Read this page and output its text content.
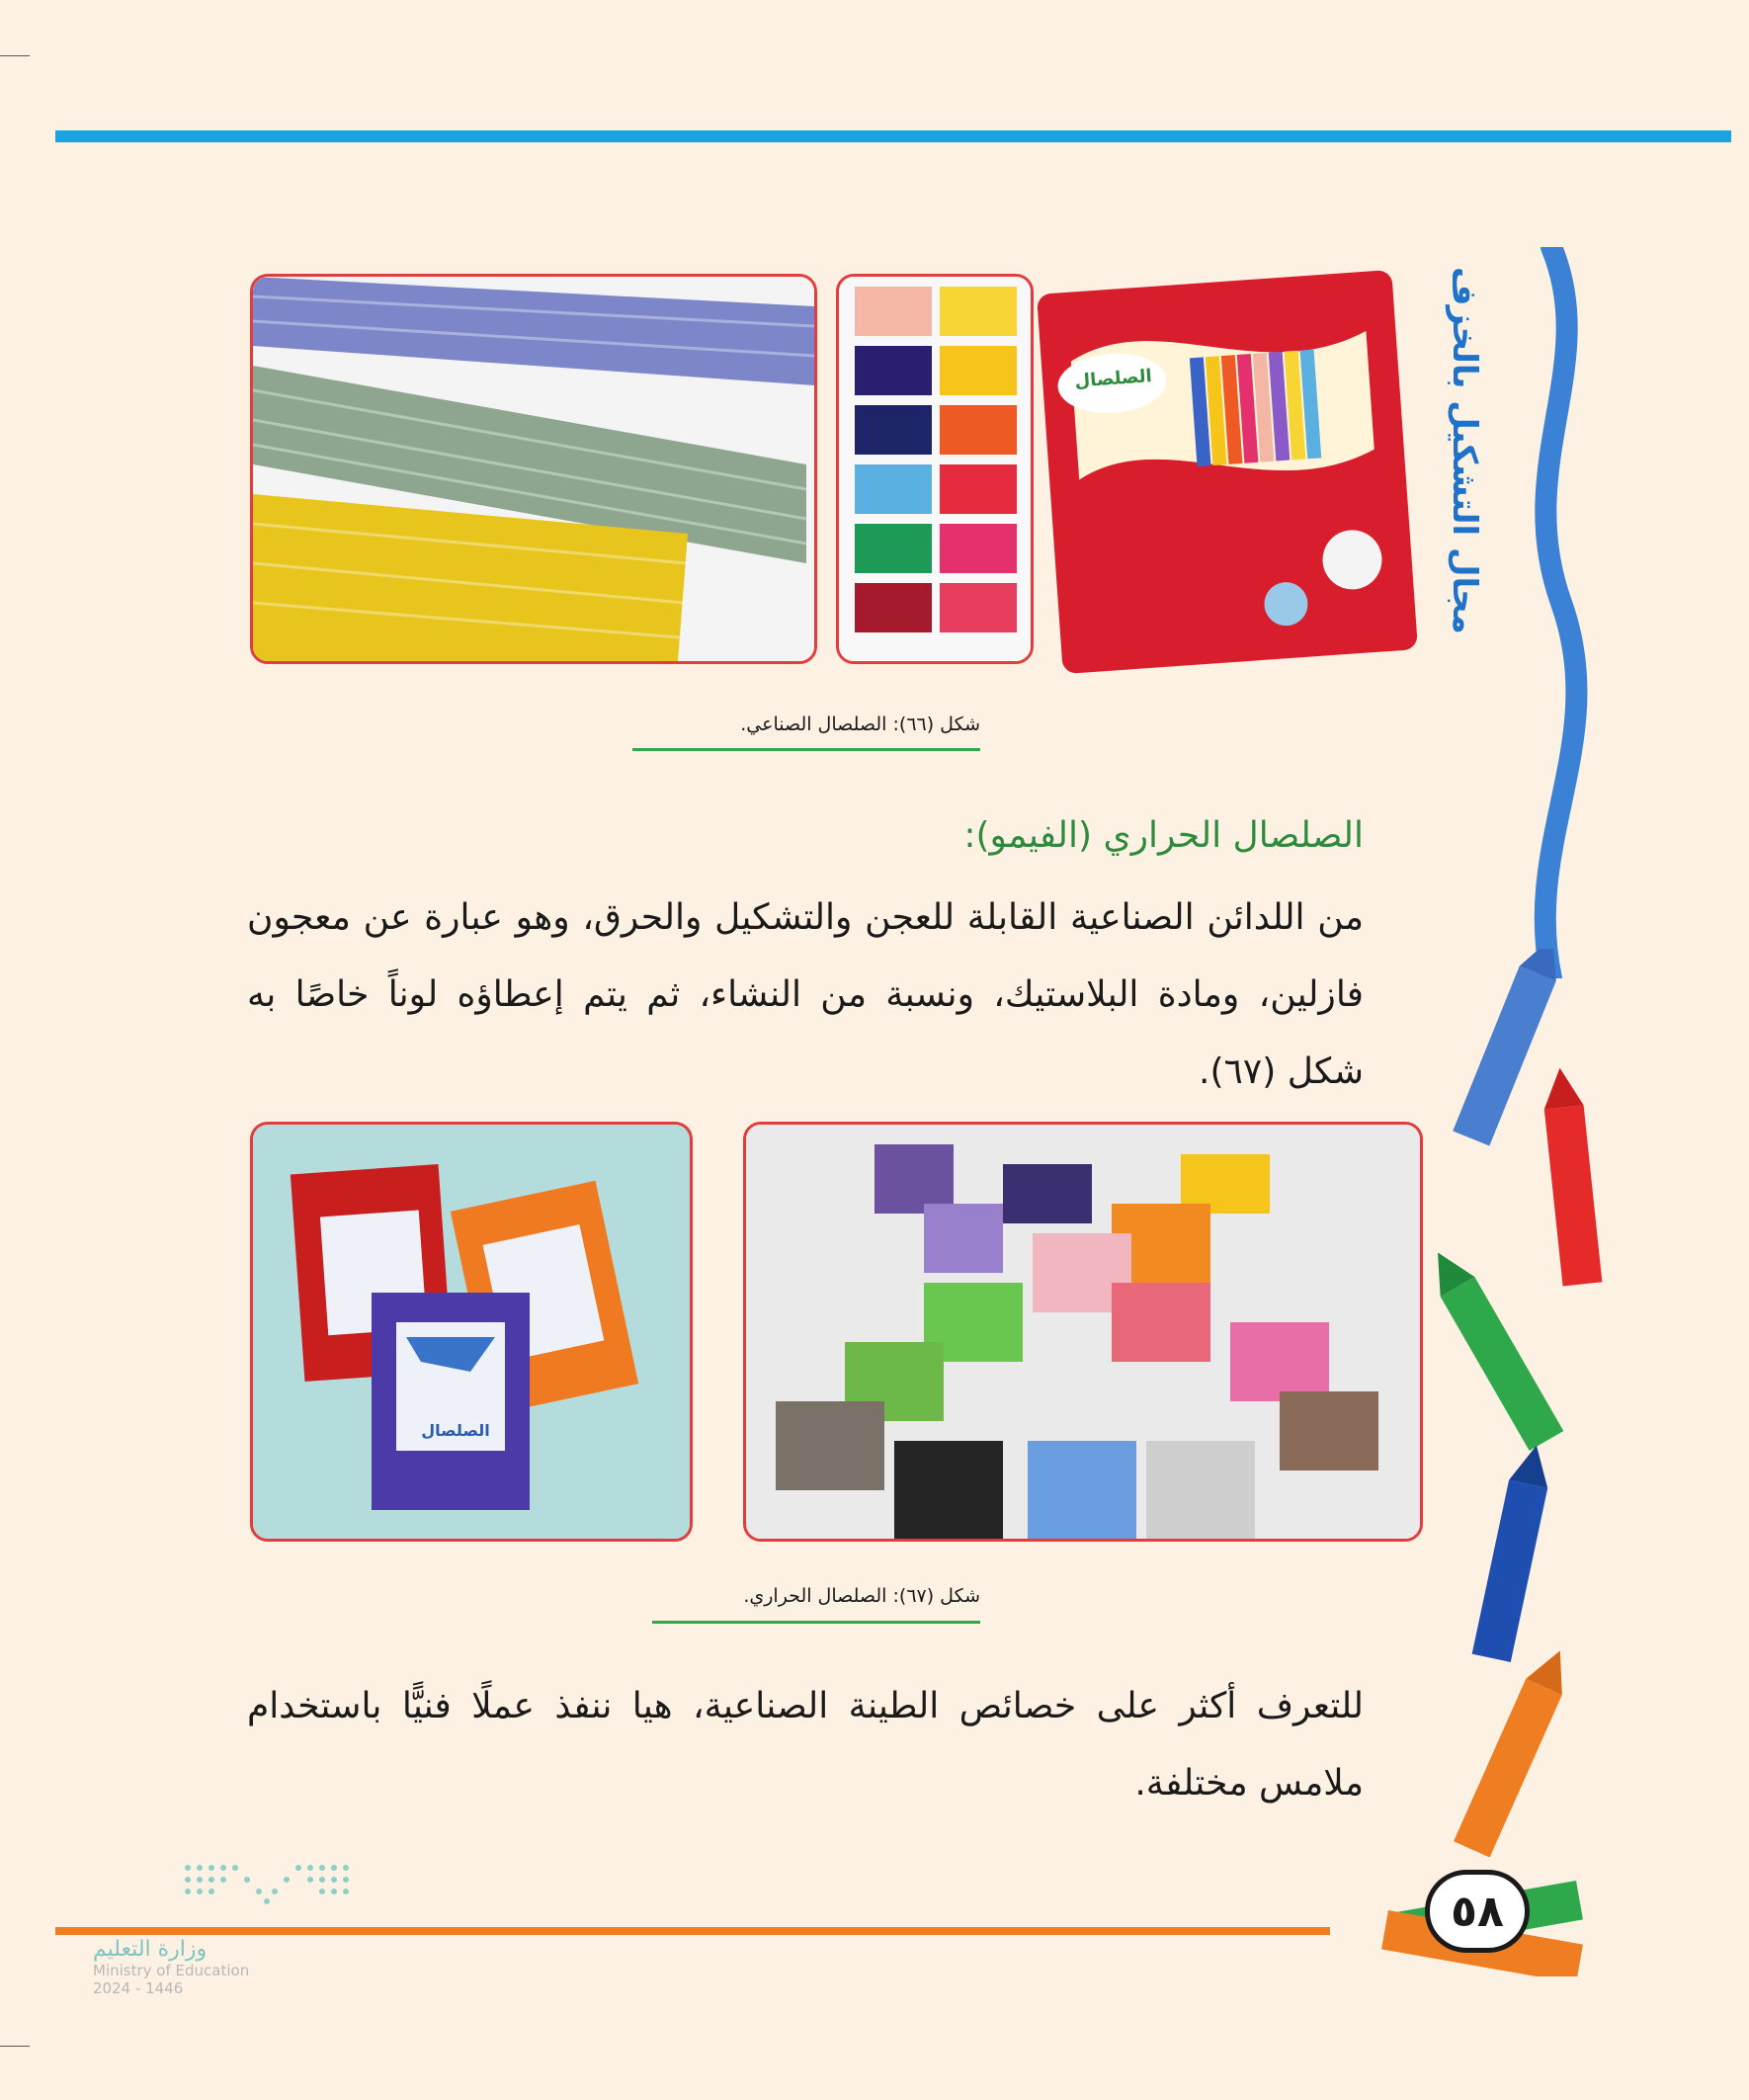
مجال التشكيل بالخزف
الصلصال
شكل (٦٦): الصلصال الصناعي.
الصلصال الحراري (الفيمو):
من اللدائن الصناعية القابلة للعجن والتشكيل والحرق، وهو عبارة عن معجون فازلين، ومادة البلاستيك، ونسبة من النشاء، ثم يتم إعطاؤه لوناً خاصًا به شكل (٦٧).
الصلصال
شكل (٦٧): الصلصال الحراري.
للتعرف أكثر على خصائص الطينة الصناعية، هيا ننفذ عملًا فنيًّا باستخدام ملامس مختلفة.
٥٨
وزارة التعليم
Ministry of Education
2024 - 1446
